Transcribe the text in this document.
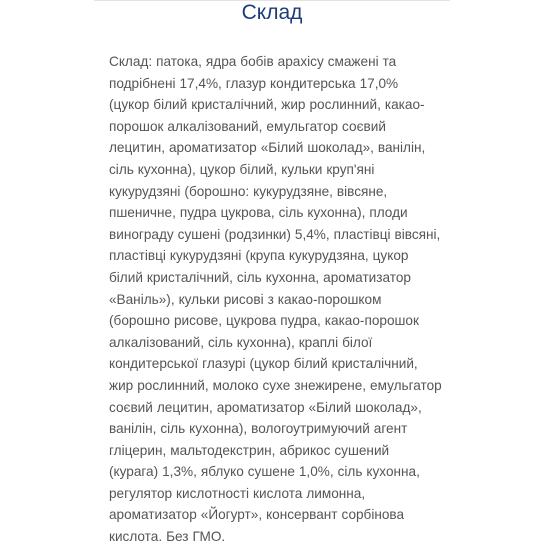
Склад
Склад: патока, ядра бобів арахісу смажені та
подрібнені 17,4%, глазур кондитерська 17,0%
(цукор білий кристалічний, жир рослинний, какао-
порошок алкалізований, емульгатор соєвий
лецитин, ароматизатор «Білий шоколад», ванілін,
сіль кухонна), цукор білий, кульки круп'яні
кукурудзяні (борошно: кукурудзяне, вівсяне,
пшеничне, пудра цукрова, сіль кухонна), плоди
винограду сушені (родзинки) 5,4%, пластівці вівсяні,
пластівці кукурудзяні (крупа кукурудзяна, цукор
білий кристалічний, сіль кухонна, ароматизатор
«Ваніль»), кульки рисові з какао-порошком
(борошно рисове, цукрова пудра, какао-порошок
алкалізований, сіль кухонна), краплі білої
кондитерської глазурі (цукор білий кристалічний,
жир рослинний, молоко сухе знежирене, емульгатор
соєвий лецитин, ароматизатор «Білий шоколад»,
ванілін, сіль кухонна), вологоутримуючий агент
гліцерин, мальтодекстрин, абрикос сушений
(курага) 1,3%, яблуко сушене 1,0%, сіль кухонна,
регулятор кислотності кислота лимонна,
ароматизатор «Йогурт», консервант сорбінова
кислота. Без ГМО.
